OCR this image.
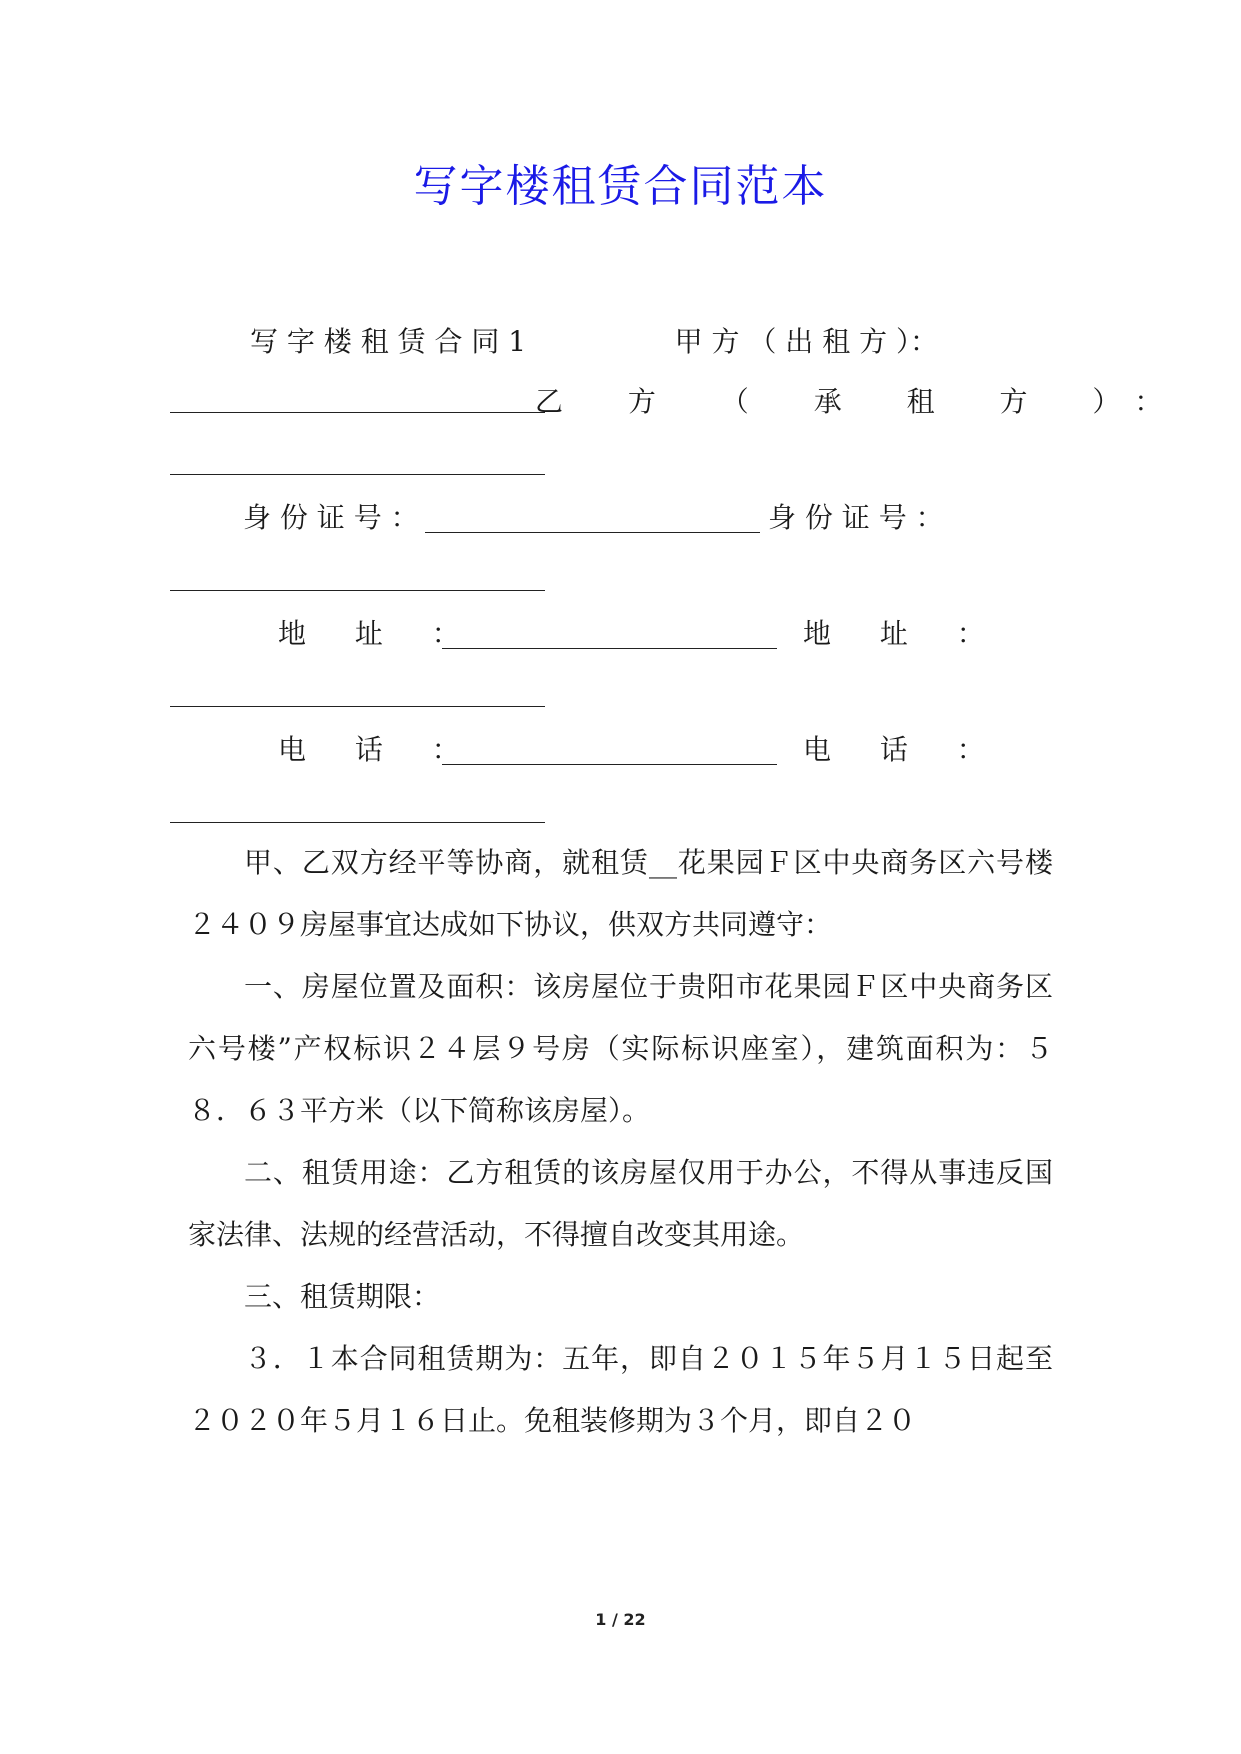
写字楼租赁合同范本
写 字 楼 租 赁 合 同 1	甲 方 （ 出 租 方 ）：
乙 方 （ 承 租 方 ）：
身 份 证 号 ：	身 份 证 号 ：
地 址 ：	地 址 ：
电 话 ：	电 话 ：
甲、乙双方经平等协商，就租赁__花果园Ｆ区中央商务区六号楼２４０９房屋事宜达成如下协议，供双方共同遵守：
一、房屋位置及面积：该房屋位于贵阳市花果园Ｆ区中央商务区六号楼”产权标识２４层９号房（实际标识座室），建筑面积为：５８．６３平方米（以下简称该房屋）。
二、租赁用途：乙方租赁的该房屋仅用于办公，不得从事违反国家法律、法规的经营活动，不得擅自改变其用途。
三、租赁期限：
３．１本合同租赁期为：五年，即自２０１５年５月１５日起至２０２０年５月１６日止。免租装修期为３个月，即自２０
1 / 22
